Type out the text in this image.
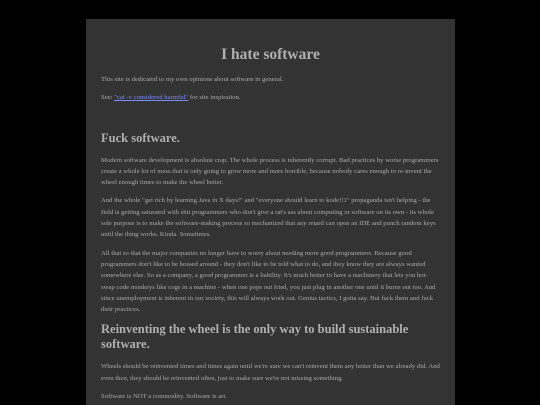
I hate software

This site is dedicated to my own opinions about software in general.

See: "cat -v considered harmful" for site inspiration.

Fuck software.

Modern software development is absolute crap. The whole process is inherently corrupt. Bad practices by worse programmers create a whole lot of mess that is only going to grow more and more horrible, because nobody cares enough to re-invent the wheel enough times to make the wheel better.

And the whole "get rich by learning Java in X days!" and "everyone should learn to kode!!1" propaganda isn't helping - the field is getting saturated with shit programmers who don't give a rat's ass about computing or software on its own - its whole sole purpose is to make the software-making process so mechanized that any retard can open an IDE and punch random keys until the thing works. Kinda. Sometimes.

All that so that the major companies no longer have to worry about needing more good programmers. Because good programmers don't like to be bossed around - they don't like to be told what to do, and they know they are always wanted somewhere else. So as a company, a good programmer is a liability. It's much better to have a machinery that lets you hot-swap code monkeys like cogs in a machine - when one pops out fried, you just plug in another one until it burns out too. And since unemployment is inherent in our society, this will always work out. Genius tactics, I gotta say. But fuck them and fuck their practices.

Reinventing the wheel is the only way to build sustainable software.

Wheels should be reinvented times and times again until we're sure we can't reinvent them any better than we already did. And even then, they should be reinvented often, just to make sure we're not missing something.

Software is NOT a commodity. Software is art.
